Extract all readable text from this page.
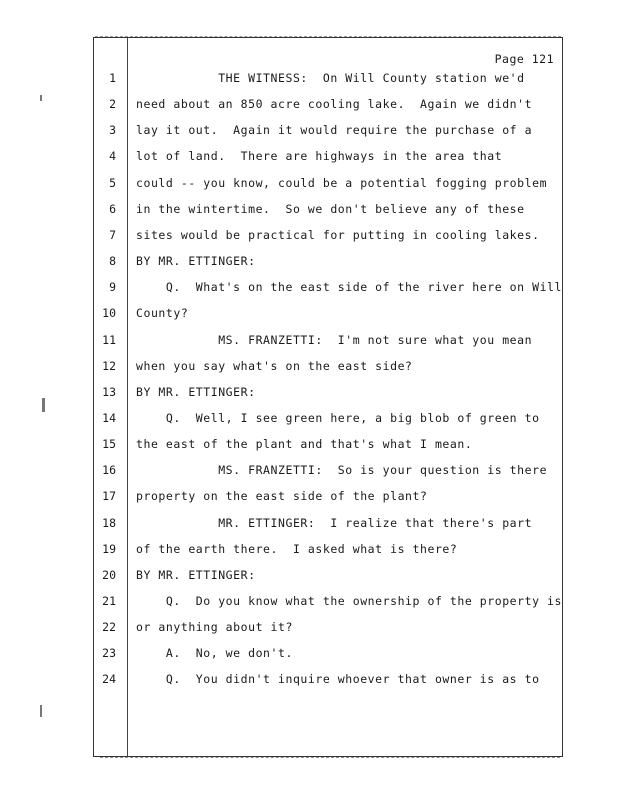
Page 121
1 THE WITNESS:  On Will County station we'd
2 need about an 850 acre cooling lake.  Again we didn't
3 lay it out.  Again it would require the purchase of a
4 lot of land.  There are highways in the area that
5 could -- you know, could be a potential fogging problem
6 in the wintertime.  So we don't believe any of these
7 sites would be practical for putting in cooling lakes.
8 BY MR. ETTINGER:
9 Q.  What's on the east side of the river here on Will
10 County?
11 MS. FRANZETTI:  I'm not sure what you mean
12 when you say what's on the east side?
13 BY MR. ETTINGER:
14 Q.  Well, I see green here, a big blob of green to
15 the east of the plant and that's what I mean.
16 MS. FRANZETTI:  So is your question is there
17 property on the east side of the plant?
18 MR. ETTINGER:  I realize that there's part
19 of the earth there.  I asked what is there?
20 BY MR. ETTINGER:
21 Q.  Do you know what the ownership of the property is
22 or anything about it?
23 A.  No, we don't.
24 Q.  You didn't inquire whoever that owner is as to
